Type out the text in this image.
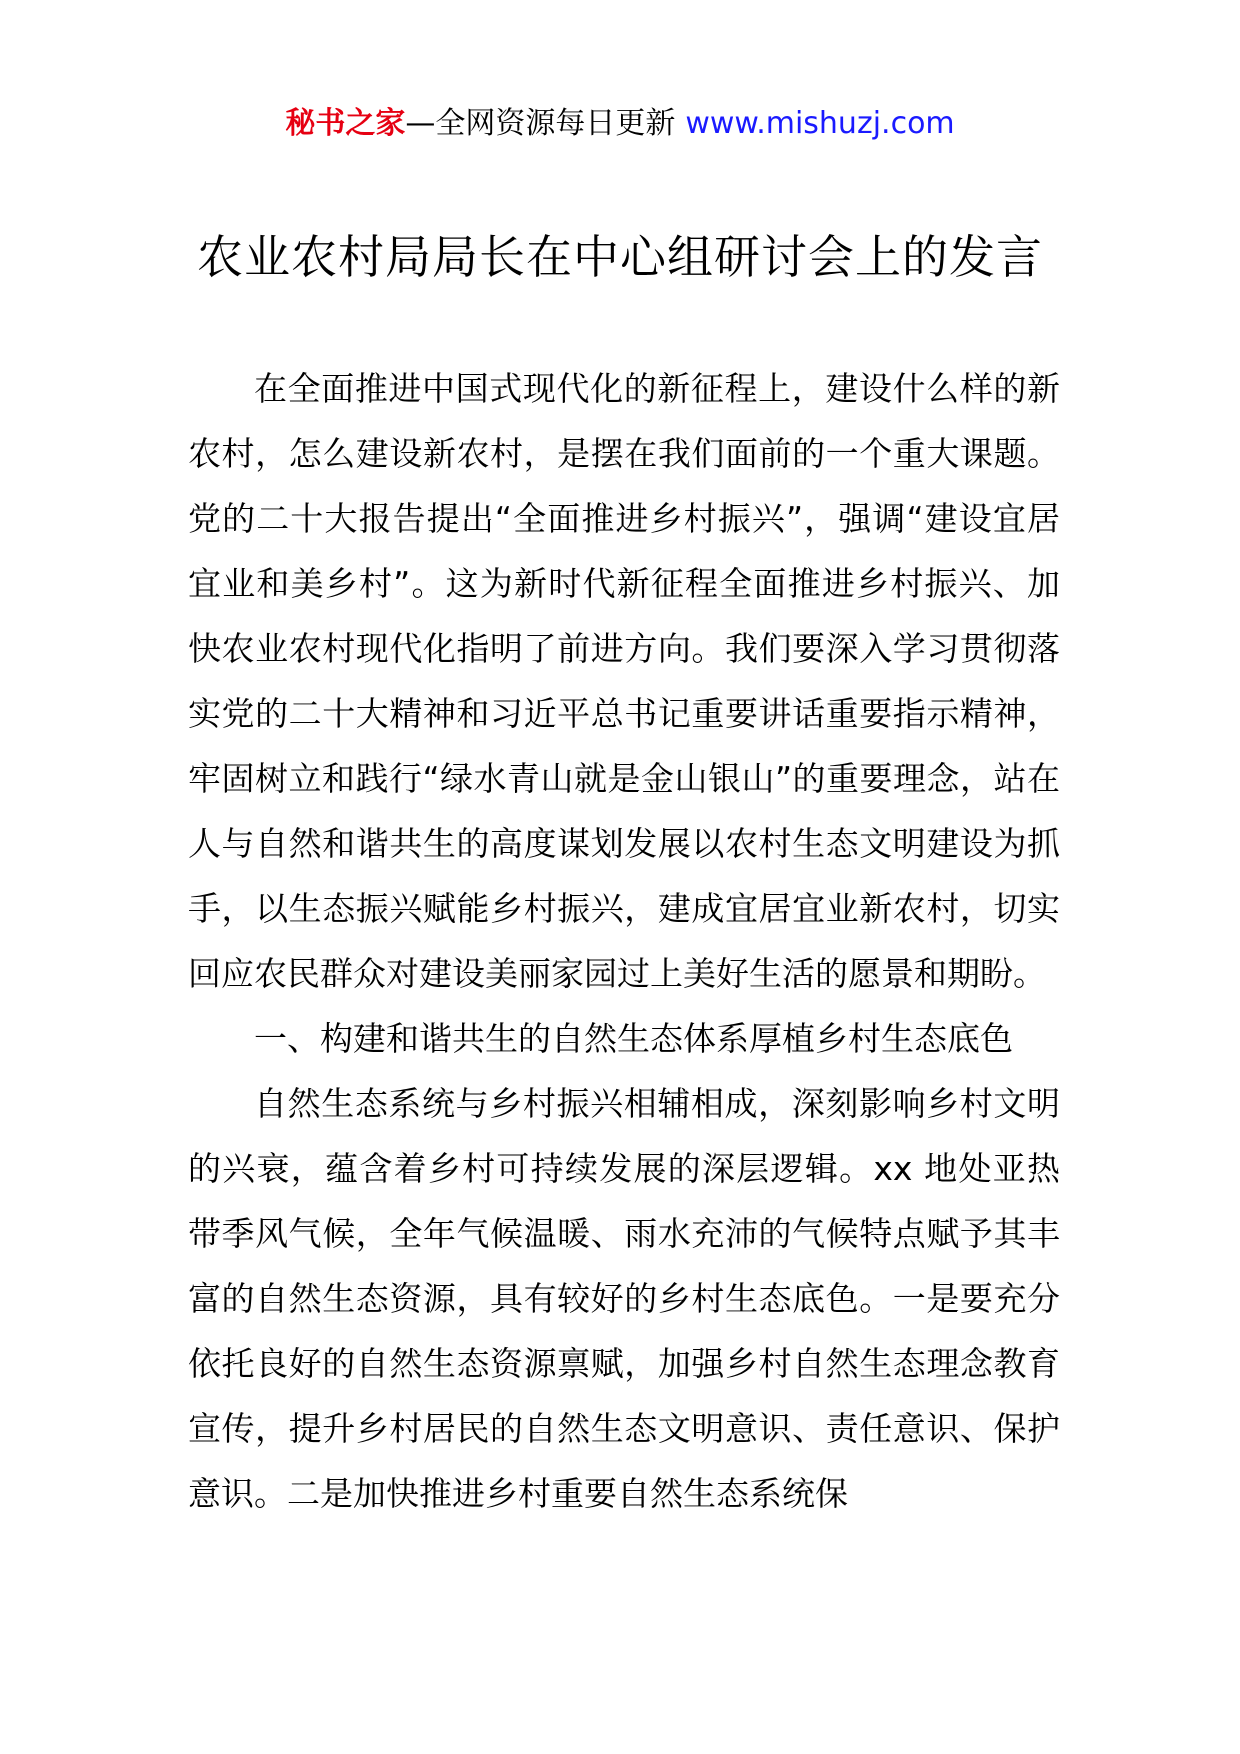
秘书之家—全网资源每日更新 www.mishuzj.com
农业农村局局长在中心组研讨会上的发言

在全面推进中国式现代化的新征程上，建设什么样的新农村，怎么建设新农村，是摆在我们面前的一个重大课题。党的二十大报告提出“全面推进乡村振兴”，强调“建设宜居宜业和美乡村”。这为新时代新征程全面推进乡村振兴、加快农业农村现代化指明了前进方向。我们要深入学习贯彻落实党的二十大精神和习近平总书记重要讲话重要指示精神，牢固树立和践行“绿水青山就是金山银山”的重要理念，站在人与自然和谐共生的高度谋划发展以农村生态文明建设为抓手，以生态振兴赋能乡村振兴，建成宜居宜业新农村，切实回应农民群众对建设美丽家园过上美好生活的愿景和期盼。

一、构建和谐共生的自然生态体系厚植乡村生态底色

自然生态系统与乡村振兴相辅相成，深刻影响乡村文明的兴衰，蕴含着乡村可持续发展的深层逻辑。xx 地处亚热带季风气候，全年气候温暖、雨水充沛的气候特点赋予其丰富的自然生态资源，具有较好的乡村生态底色。一是要充分依托良好的自然生态资源禀赋，加强乡村自然生态理念教育宣传，提升乡村居民的自然生态文明意识、责任意识、保护意识。二是加快推进乡村重要自然生态系统保
